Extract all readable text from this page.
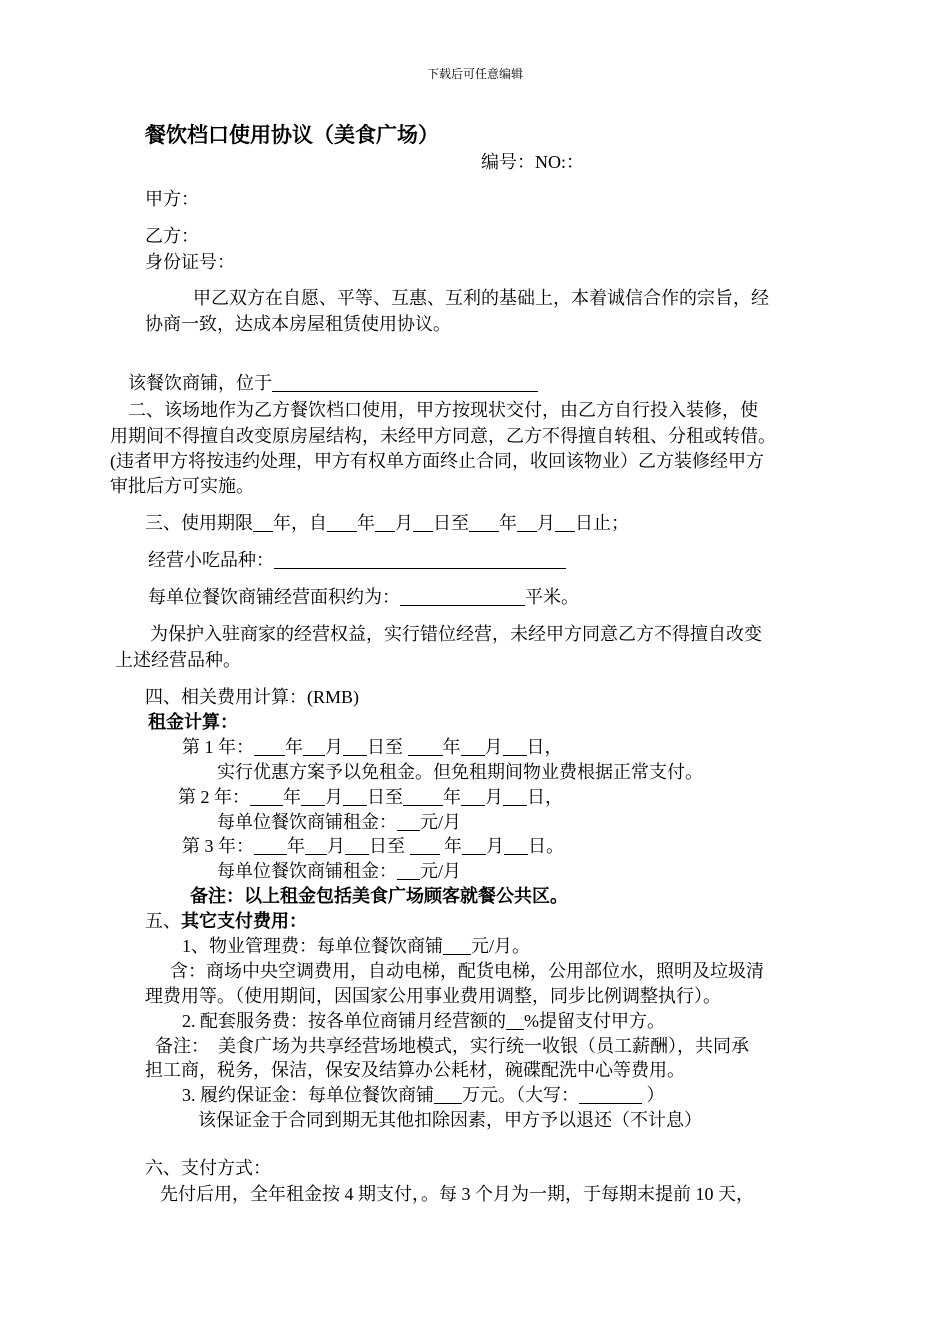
下载后可任意编辑
餐饮档口使用协议（美食广场）
编号：NO:：
甲方：
乙方：
身份证号：
甲乙双方在自愿、平等、互惠、互利的基础上，本着诚信合作的宗旨，经
协商一致，达成本房屋租赁使用协议。

该餐饮商铺，位于

二、该场地作为乙方餐饮档口使用，甲方按现状交付，由乙方自行投入装修，使
用期间不得擅自改变原房屋结构，未经甲方同意，乙方不得擅自转租、分租或转借。
(违者甲方将按违约处理，甲方有权单方面终止合同，收回该物业）乙方装修经甲方
审批后方可实施。
三、使用期限 年，自 年 月 日至 年 月 日止；
经营小吃品种：
每单位餐饮商铺经营面积约为：	平米。
为保护入驻商家的经营权益，实行错位经营，未经甲方同意乙方不得擅自改变
上述经营品种。
四、相关费用计算：(RMB)
租金计算：
第 1 年： 年 月 日至 年 月 日，
实行优惠方案予以免租金。但免租期间物业费根据正常支付。
第 2 年： 年 月 日至 年 月 日，
每单位餐饮商铺租金： 元/月
第 3 年： 年 月 日至  年 月 日。
每单位餐饮商铺租金： 元/月
备注：以上租金包括美食广场顾客就餐公共区。
五、其它支付费用：
1、物业管理费：每单位餐饮商铺 元/月。
含：商场中央空调费用，自动电梯，配货电梯，公用部位水，照明及垃圾清
理费用等。（使用期间，因国家公用事业费用调整，同步比例调整执行）。
2. 配套服务费：按各单位商铺月经营额的 %提留支付甲方。
备注：  美食广场为共享经营场地模式，实行统一收银（员工薪酬），共同承
担工商，税务，保洁，保安及结算办公耗材，碗碟配洗中心等费用。
3. 履约保证金：每单位餐饮商铺 万元。（大写：	）
该保证金于合同到期无其他扣除因素，甲方予以退还（不计息）
六、支付方式：
先付后用，全年租金按 4 期支付，。每 3 个月为一期，于每期末提前 10 天，
